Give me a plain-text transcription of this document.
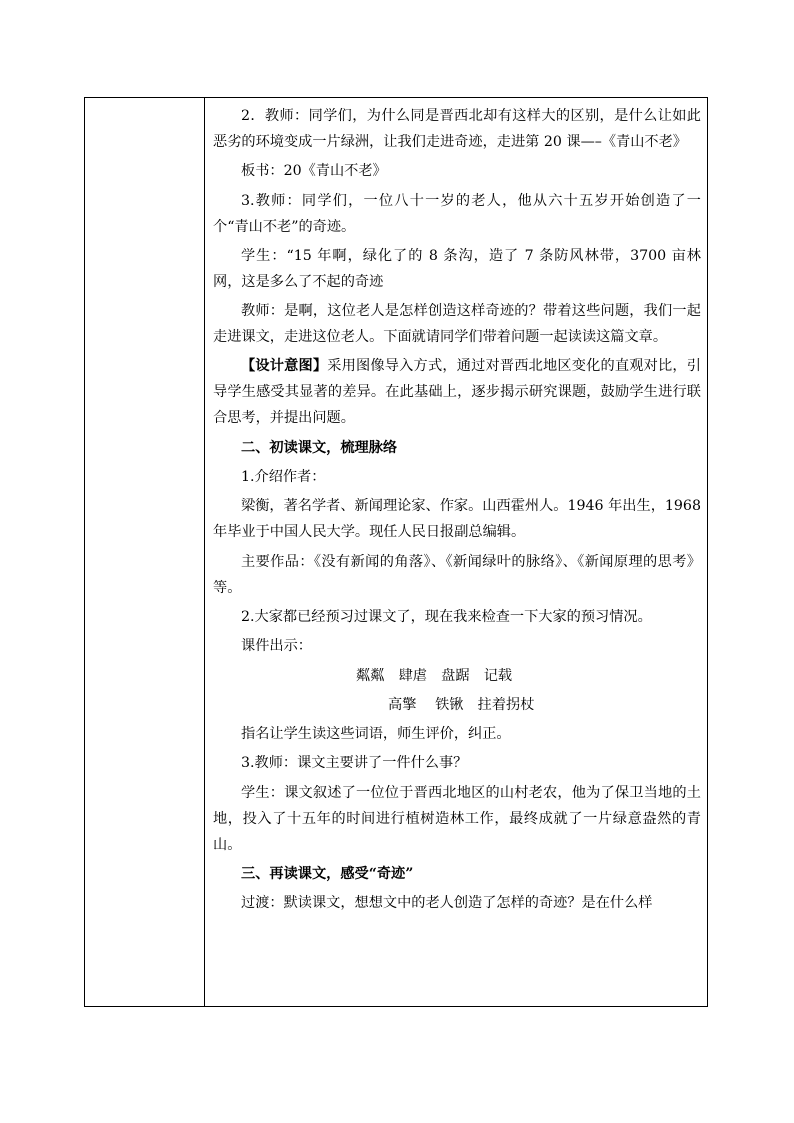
2．教师：同学们，为什么同是晋西北却有这样大的区别，是什么让如此恶劣的环境变成一片绿洲，让我们走进奇迹，走进第 20 课—–《青山不老》

板书：20《青山不老》

3.教师：同学们，一位八十一岁的老人，他从六十五岁开始创造了一个“青山不老”的奇迹。

学生：“15 年啊，绿化了的 8 条沟，造了 7 条防风林带，3700 亩林网，这是多么了不起的奇迹

教师：是啊，这位老人是怎样创造这样奇迹的？带着这些问题，我们一起走进课文，走进这位老人。下面就请同学们带着问题一起读读这篇文章。

【设计意图】采用图像导入方式，通过对晋西北地区变化的直观对比，引导学生感受其显著的差异。在此基础上，逐步揭示研究课题，鼓励学生进行联合思考，并提出问题。

二、初读课文，梳理脉络

1.介绍作者：

梁衡，著名学者、新闻理论家、作家。山西霍州人。1946 年出生，1968 年毕业于中国人民大学。现任人民日报副总编辑。

主要作品：《没有新闻的角落》、《新闻绿叶的脉络》、《新闻原理的思考》等。

2.大家都已经预习过课文了，现在我来检查一下大家的预习情况。

课件出示：

粼粼　肆虐　盘踞　记载

高擎　 铁锹　拄着拐杖

指名让学生读这些词语，师生评价，纠正。

3.教师：课文主要讲了一件什么事？

学生：课文叙述了一位位于晋西北地区的山村老农，他为了保卫当地的土地，投入了十五年的时间进行植树造林工作，最终成就了一片绿意盎然的青山。

三、再读课文，感受“奇迹”

过渡：默读课文，想想文中的老人创造了怎样的奇迹？是在什么样
